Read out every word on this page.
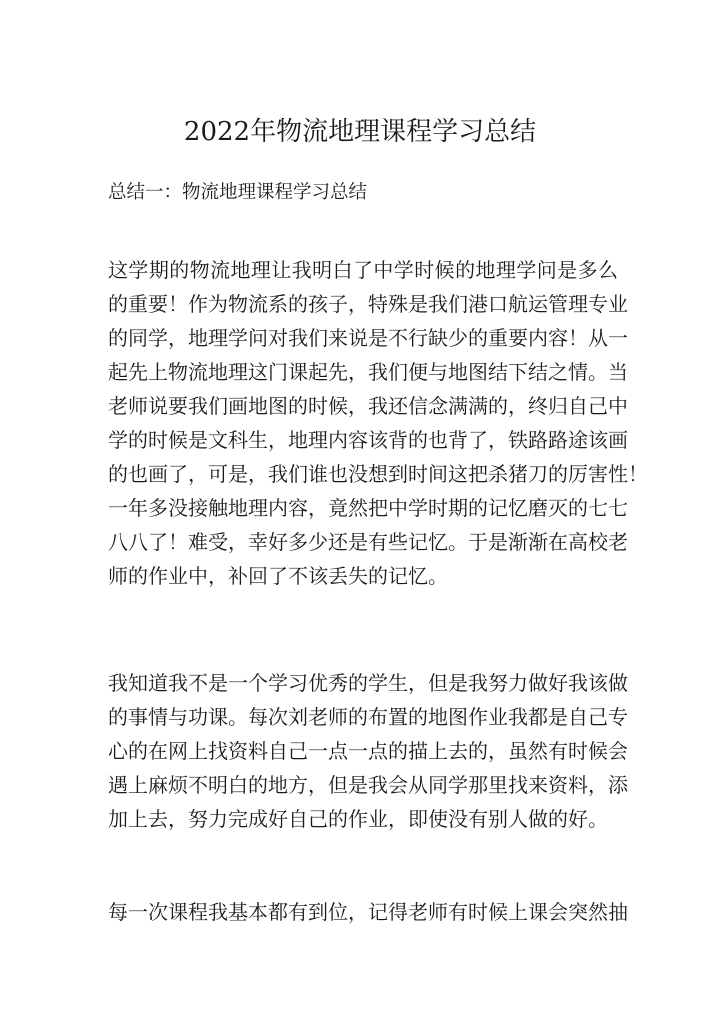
2022年物流地理课程学习总结

总结一：物流地理课程学习总结

这学期的物流地理让我明白了中学时候的地理学问是多么
的重要！作为物流系的孩子，特殊是我们港口航运管理专业
的同学，地理学问对我们来说是不行缺少的重要内容！从一
起先上物流地理这门课起先，我们便与地图结下结之情。当
老师说要我们画地图的时候，我还信念满满的，终归自己中
学的时候是文科生，地理内容该背的也背了，铁路路途该画
的也画了，可是，我们谁也没想到时间这把杀猪刀的厉害性！
一年多没接触地理内容，竟然把中学时期的记忆磨灭的七七
八八了！难受，幸好多少还是有些记忆。于是渐渐在高校老
师的作业中，补回了不该丢失的记忆。
我知道我不是一个学习优秀的学生，但是我努力做好我该做
的事情与功课。每次刘老师的布置的地图作业我都是自己专
心的在网上找资料自己一点一点的描上去的，虽然有时候会
遇上麻烦不明白的地方，但是我会从同学那里找来资料，添
加上去，努力完成好自己的作业，即使没有别人做的好。
每一次课程我基本都有到位，记得老师有时候上课会突然抽
